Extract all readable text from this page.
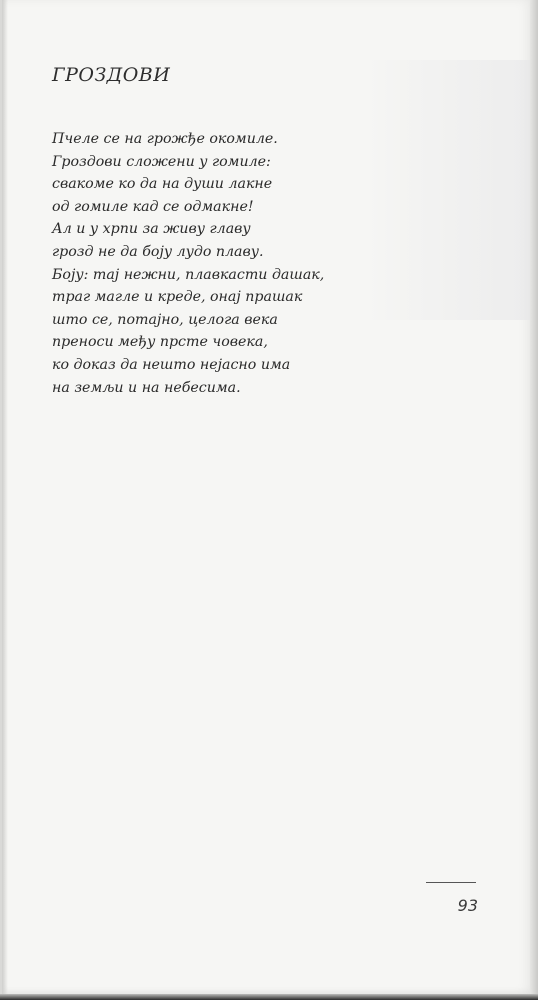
ГРОЗДОВИ
Пчеле се на грожђе окомиле.
Гроздови сложени у гомиле:
свакоме ко да на души лакне
од гомиле кад се одмакне!
Ал и у хрпи за живу главу
грозд не да боју лудо плаву.
Боју: тај нежни, плавкасти дашак,
траг магле и креде, онај прашак
што се, потајно, целога века
преноси међу прсте човека,
ко доказ да нешто нејасно има
на земљи и на небесима.
93
